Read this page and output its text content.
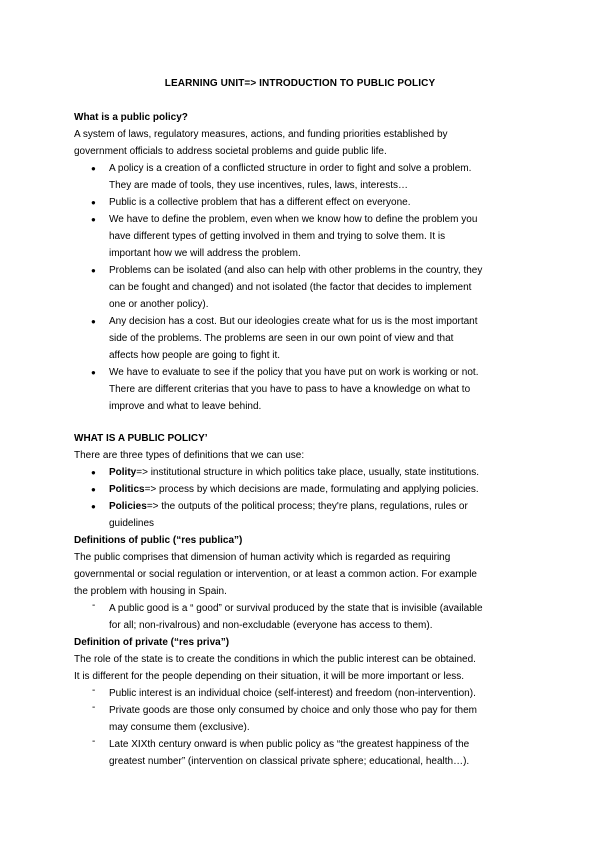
LEARNING UNIT=> INTRODUCTION TO PUBLIC POLICY
What is a public policy?
A system of laws, regulatory measures, actions, and funding priorities established by
government officials to address societal problems and guide public life.
● A policy is a creation of a conflicted structure in order to fight and solve a problem.
They are made of tools, they use incentives, rules, laws, interests…
● Public is a collective problem that has a different effect on everyone.
● We have to define the problem, even when we know how to define the problem you
have different types of getting involved in them and trying to solve them. It is
important how we will address the problem.
● Problems can be isolated (and also can help with other problems in the country, they
can be fought and changed) and not isolated (the factor that decides to implement
one or another policy).
● Any decision has a cost. But our ideologies create what for us is the most important
side of the problems. The problems are seen in our own point of view and that
affects how people are going to fight it.
● We have to evaluate to see if the policy that you have put on work is working or not.
There are different criterias that you have to pass to have a knowledge on what to
improve and what to leave behind.
WHAT IS A PUBLIC POLICY’
There are three types of definitions that we can use:
● Polity=> institutional structure in which politics take place, usually, state institutions.
● Politics=> process by which decisions are made, formulating and applying policies.
● Policies=> the outputs of the political process; they're plans, regulations, rules or
guidelines
Definitions of public (“res publica”)
The public comprises that dimension of human activity which is regarded as requiring
governmental or social regulation or intervention, or at least a common action. For example
the problem with housing in Spain.
- A public good is a “ good” or survival produced by the state that is invisible (available
for all; non-rivalrous) and non-excludable (everyone has access to them).
Definition of private (“res priva”)
The role of the state is to create the conditions in which the public interest can be obtained.
It is different for the people depending on their situation, it will be more important or less.
- Public interest is an individual choice (self-interest) and freedom (non-intervention).
- Private goods are those only consumed by choice and only those who pay for them
may consume them (exclusive).
- Late XIXth century onward is when public policy as “the greatest happiness of the
greatest number” (intervention on classical private sphere; educational, health…).
